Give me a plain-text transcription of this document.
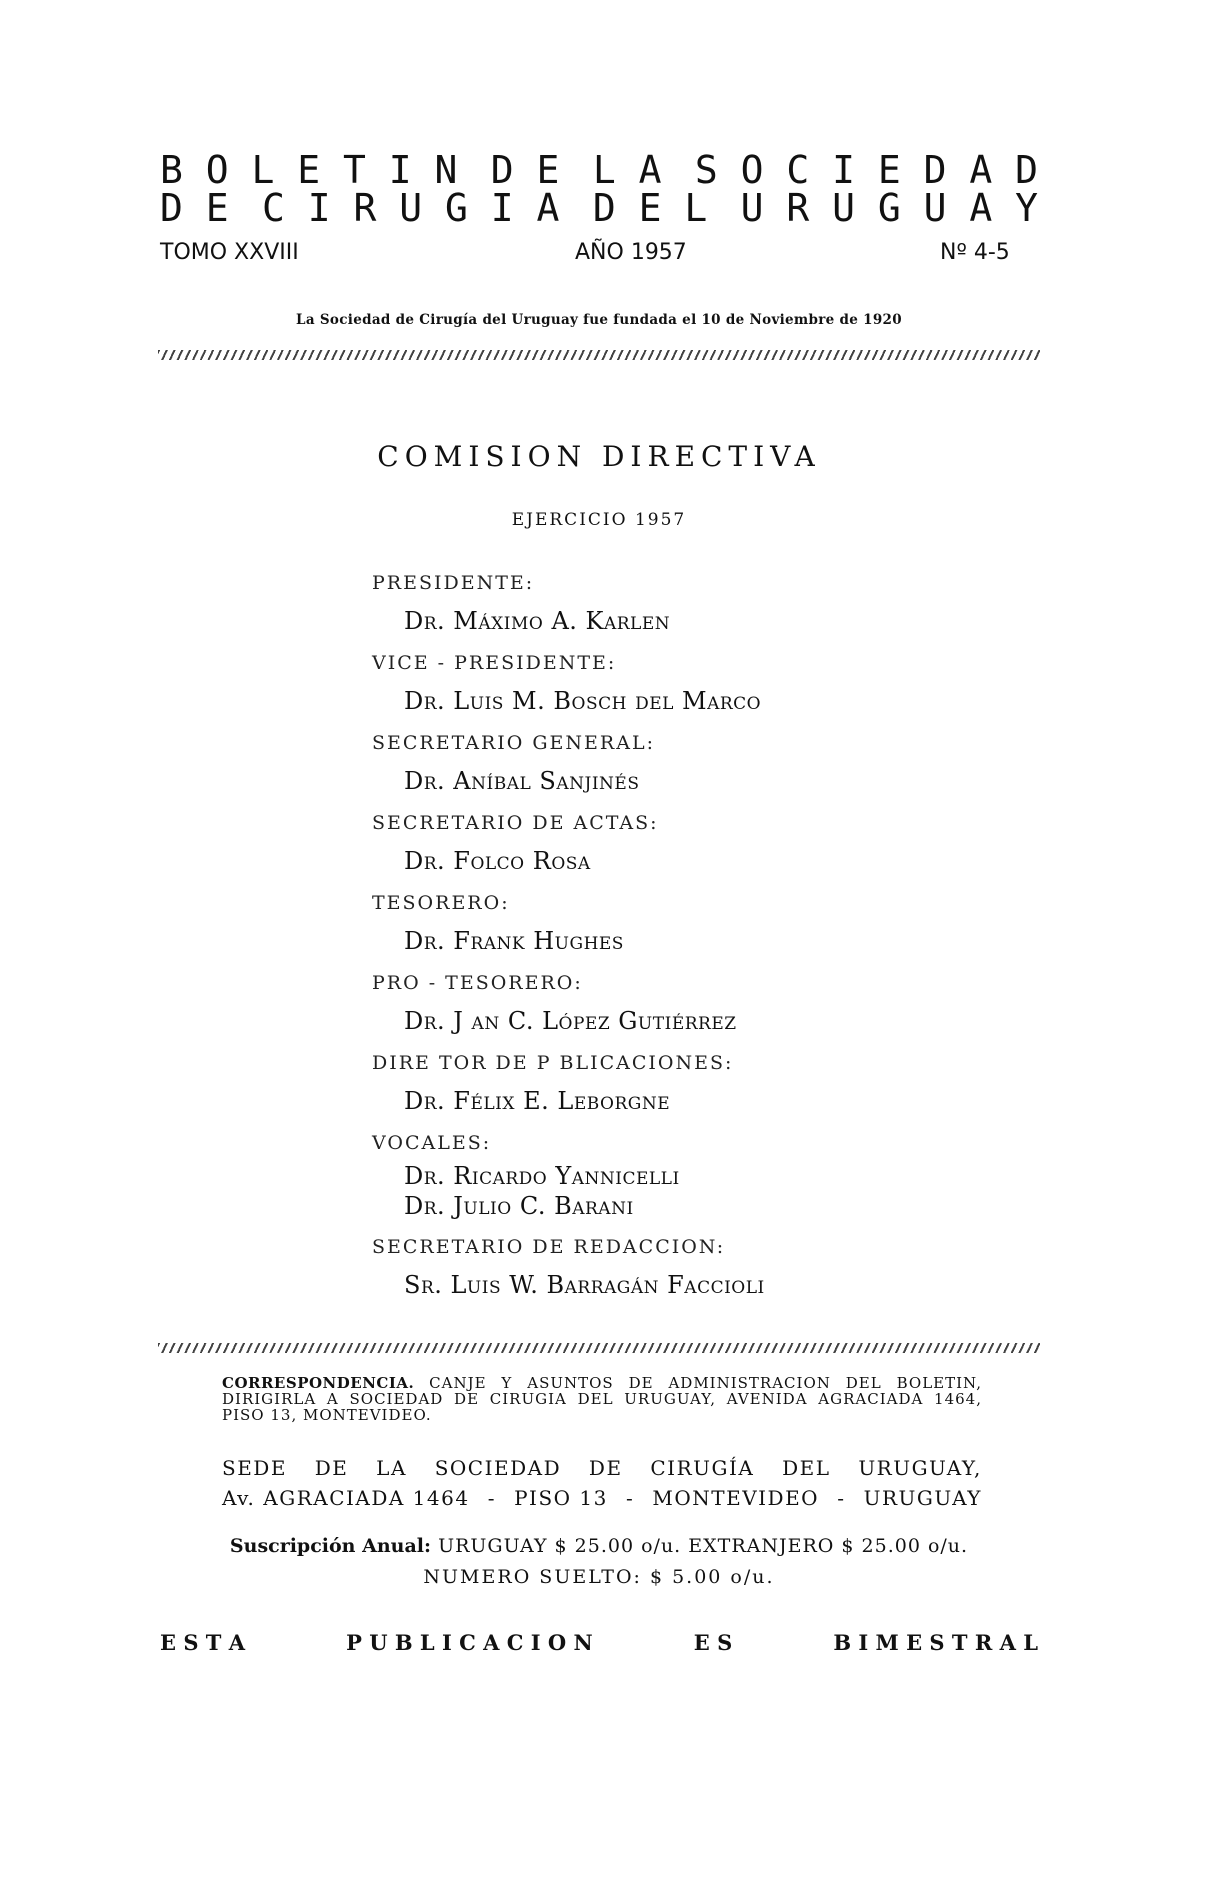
B O L E T I N D E L A S O C I E D A D
D E C I R U G I A D E L U R U G U A Y
TOMO XXVIII	AÑO 1957	Nº 4-5
La Sociedad de Cirugía del Uruguay fue fundada el 10 de Noviembre de 1920
COMISION DIRECTIVA
EJERCICIO 1957
PRESIDENTE:
Dr. Máximo A. Karlen
VICE - PRESIDENTE:
Dr. Luis M. Bosch del Marco
SECRETARIO GENERAL:
Dr. Aníbal Sanjinés
SECRETARIO DE ACTAS:
Dr. Folco Rosa
TESORERO:
Dr. Frank Hughes
PRO - TESORERO:
Dr. J an C. López Gutiérrez
DIRE TOR DE P BLICACIONES:
Dr. Félix E. Leborgne
VOCALES:
Dr. Ricardo Yannicelli
Dr. Julio C. Barani
SECRETARIO DE REDACCION:
Sr. Luis W. Barragán Faccioli
CORRESPONDENCIA. CANJE Y ASUNTOS DE ADMINISTRACION DEL BOLETIN, DIRIGIRLA A SOCIEDAD DE CIRUGIA DEL URUGUAY, AVENIDA AGRACIADA 1464, PISO 13, MONTEVIDEO.
SEDE DE LA SOCIEDAD DE CIRUGÍA DEL URUGUAY,
Av. AGRACIADA 1464 - PISO 13 - MONTEVIDEO - URUGUAY
Suscripción Anual: URUGUAY $ 25.00 o/u. EXTRANJERO $ 25.00 o/u.
NUMERO SUELTO: $ 5.00 o/u.
E S T A	P U B L I C A C I O N	E S	B I M E S T R A L
